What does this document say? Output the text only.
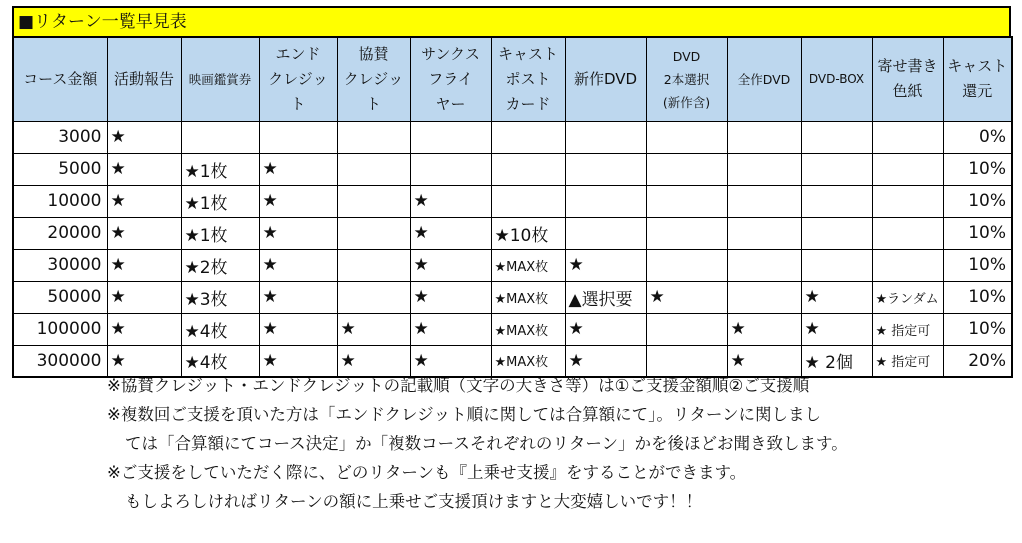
■リターン一覧早見表
コース金額	活動報告	映画鑑賞券	エンド
クレジッ
ト	協賛
クレジッ
ト	サンクス
フライ
ヤー	キャスト
ポスト
カード	新作DVD	DVD
2本選択
(新作含)	全作DVD	DVD-BOX	寄せ書き
色紙	キャスト
還元
3000	★											0%
5000	★	★1枚	★									10%
10000	★	★1枚	★		★							10%
20000	★	★1枚	★		★	★10枚						10%
30000	★	★2枚	★		★	★MAX枚	★					10%
50000	★	★3枚	★		★	★MAX枚	▲選択要	★		★	★ランダム	10%
100000	★	★4枚	★	★	★	★MAX枚	★		★	★	★ 指定可	10%
300000	★	★4枚	★	★	★	★MAX枚	★		★	★ 2個	★ 指定可	20%
※協賛クレジット・エンドクレジットの記載順（文字の大きさ等）は①ご支援金額順②ご支援順
※複数回ご支援を頂いた方は「エンドクレジット順に関しては合算額にて」。リターンに関しまし
ては「合算額にてコース決定」か「複数コースそれぞれのリターン」かを後ほどお聞き致します。
※ご支援をしていただく際に、どのリターンも『上乗せ支援』をすることができます。
もしよろしければリターンの額に上乗せご支援頂けますと大変嬉しいです！！
